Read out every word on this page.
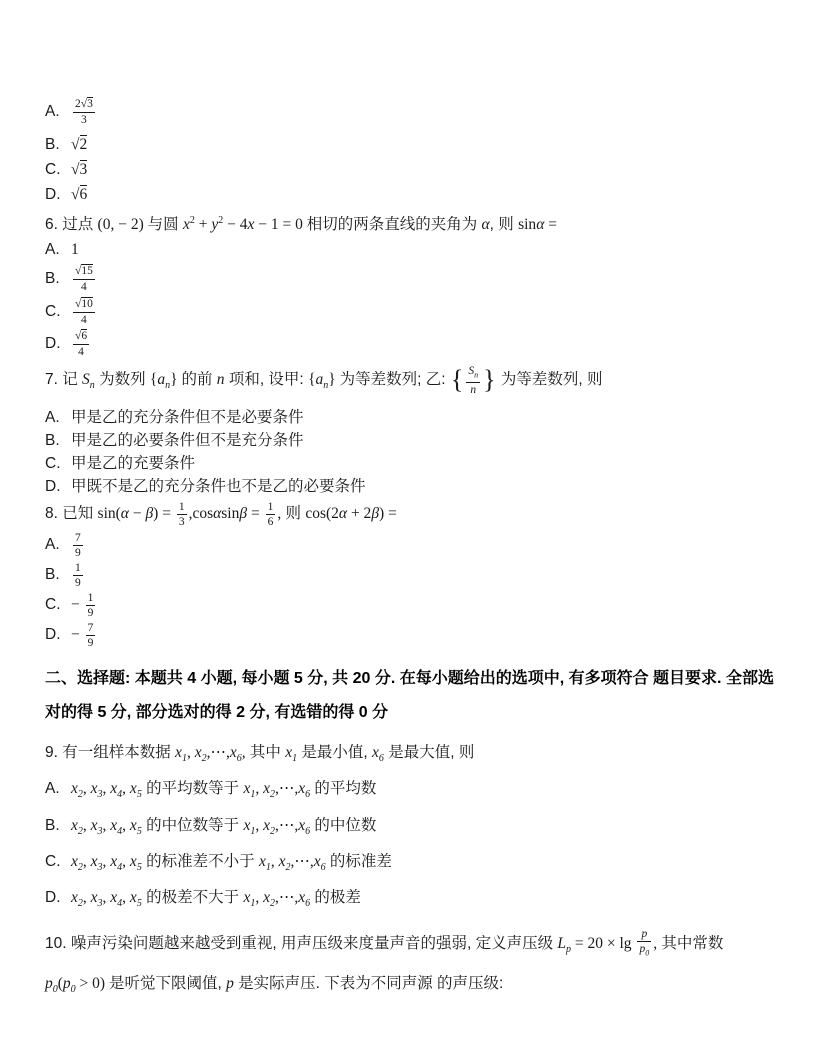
A. $\frac{2√3}{3}$
B. √2
C. √3
D. √6
6. 过点 (0, − 2) 与圆 $x^2 + y^2 - 4x - 1 = 0$ 相切的两条直线的夹角为 α, 则 sinα =
A. 1
B. $\frac{√15}{4}$
C. $\frac{√10}{4}$
D. $\frac{√6}{4}$
7. 记 $S_n$ 为数列 $\{a_n\}$ 的前 n 项和, 设甲: $\{a_n\}$ 为等差数列; 乙: { $\frac{S_n}{n}$ } 为等差数列, 则
A. 甲是乙的充分条件但不是必要条件
B. 甲是乙的必要条件但不是充分条件
C. 甲是乙的充要条件
D. 甲既不是乙的充分条件也不是乙的必要条件
8. 已知 $\sin(\alpha - \beta) = \frac{1}{3} ,\cos\alpha\sin\beta = \frac{1}{6}$ , 则 cos(2α + 2β) =
A. $\frac{7}{9}$
B. $\frac{1}{9}$
C. − $\frac{1}{9}$
D. − $\frac{7}{9}$
二、选择题: 本题共 4 小题, 每小题 5 分, 共 20 分. 在每小题给出的选项中, 有多项符合 题目要求. 全部选对的得 5 分, 部分选对的得 2 分, 有选错的得 0 分
9. 有一组样本数据 $x_1$, $x_2,\cdots,x_6$, 其中 $x_1$ 是最小值, $x_6$ 是最大值, 则
A. $x_2$, $x_3$, $x_4$, $x_5$ 的平均数等于 $x_1$, $x_2,\cdots,x_6$ 的平均数
B. $x_2$, $x_3$, $x_4$, $x_5$ 的中位数等于 $x_1$, $x_2,\cdots,x_6$ 的中位数
C. $x_2$, $x_3$, $x_4$, $x_5$ 的标准差不小于 $x_1$, $x_2,\cdots,x_6$ 的标准差
D. $x_2$, $x_3$, $x_4$, $x_5$ 的极差不大于 $x_1$, $x_2,\cdots,x_6$ 的极差
10. 噪声污染问题越来越受到重视, 用声压级来度量声音的强弱, 定义声压级 $L_p = 20 \times \lg \frac{p}{p_0}$ , 其中常数
$p_0(p_0 > 0)$ 是听觉下限阈值, p 是实际声压. 下表为不同声源 的声压级:
